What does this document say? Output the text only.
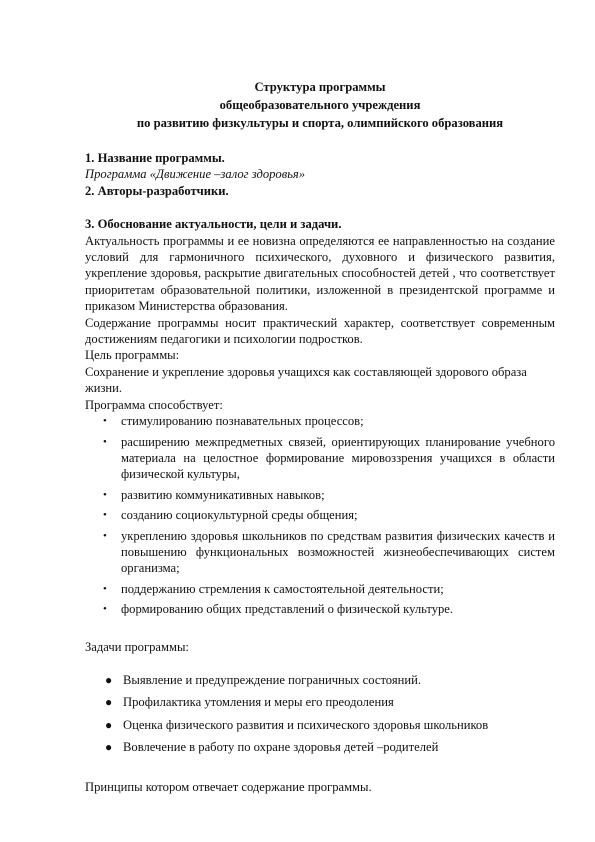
Структура программы
общеобразовательного учреждения
по развитию физкультуры и спорта, олимпийского образования

1. Название программы.

Программа «Движение –залог здоровья»

2. Авторы-разработчики.

3. Обоснование актуальности, цели и задачи.

Актуальность программы и ее новизна определяются ее направленностью на создание условий для гармоничного психического, духовного и физического развития, укрепление здоровья, раскрытие двигательных способностей детей , что соответствует приоритетам образовательной политики, изложенной в президентской программе и приказом Министерства образования.

Содержание программы носит практический характер, соответствует современным достижениям педагогики и психологии подростков.

Цель программы:

Сохранение и укрепление здоровья учащихся как составляющей здорового образа жизни.

Программа способствует:

• стимулированию познавательных процессов;
• расширению межпредметных связей, ориентирующих планирование учебного материала на целостное формирование мировоззрения учащихся в области физической культуры,
• развитию коммуникативных навыков;
• созданию социокультурной среды общения;
• укреплению здоровья школьников по средствам развития физических качеств и повышению функциональных возможностей жизнеобеспечивающих систем организма;
• поддержанию стремления к самостоятельной деятельности;
• формированию общих представлений о физической культуре.

Задачи программы:

● Выявление и предупреждение пограничных состояний.
● Профилактика утомления и меры его преодоления
● Оценка физического развития и психического здоровья школьников
● Вовлечение в работу по охране здоровья детей –родителей

Принципы котором отвечает содержание программы.
